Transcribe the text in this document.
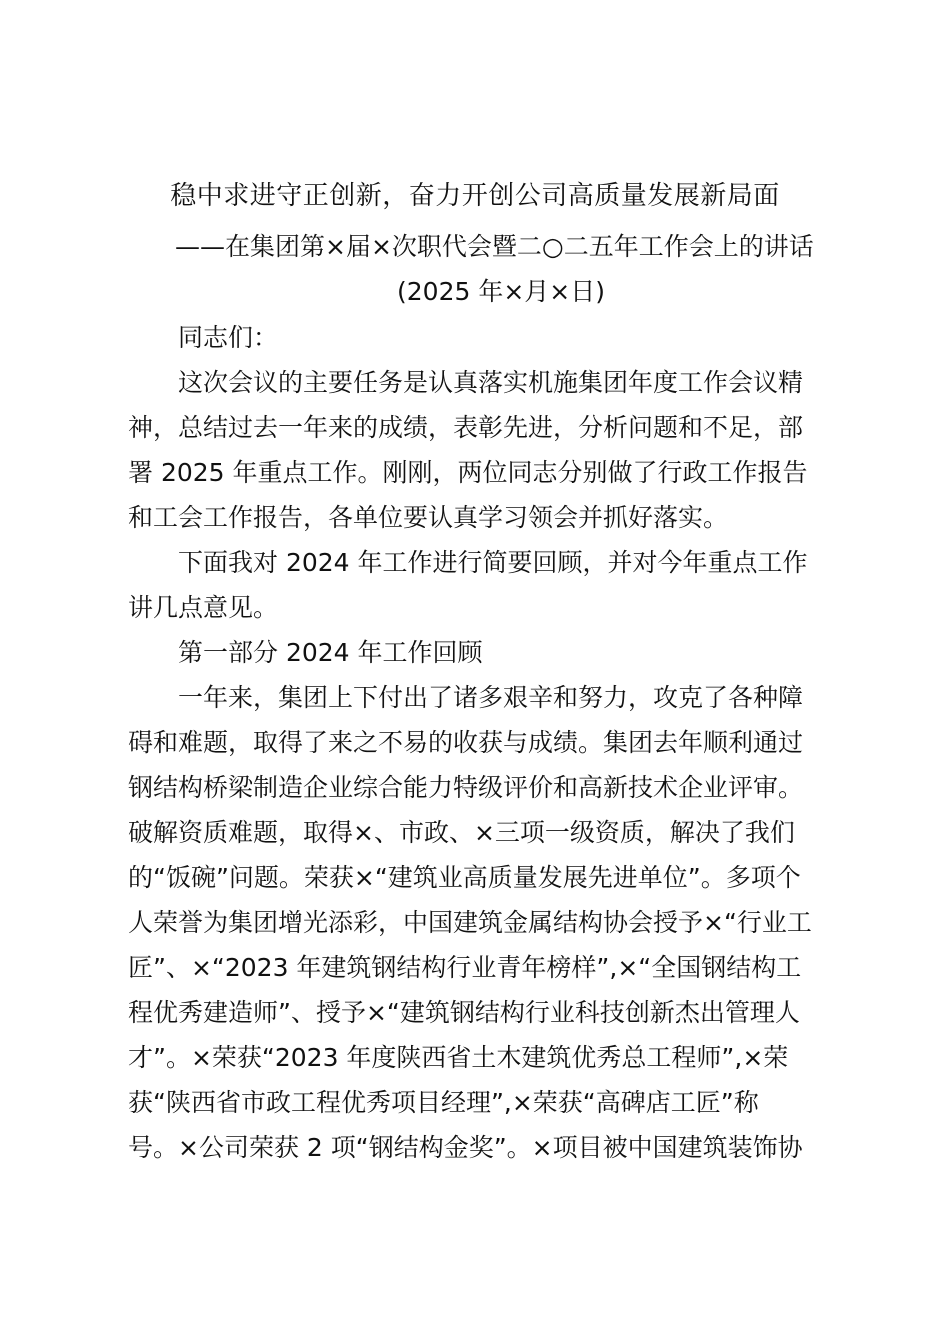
稳中求进守正创新，奋力开创公司高质量发展新局面
——在集团第×届×次职代会暨二○二五年工作会上的讲话
(2025 年×月×日)
同志们：
这次会议的主要任务是认真落实机施集团年度工作会议精
神，总结过去一年来的成绩，表彰先进，分析问题和不足，部
署 2025 年重点工作。刚刚，两位同志分别做了行政工作报告
和工会工作报告，各单位要认真学习领会并抓好落实。
下面我对 2024 年工作进行简要回顾，并对今年重点工作
讲几点意见。
第一部分 2024 年工作回顾
一年来，集团上下付出了诸多艰辛和努力，攻克了各种障
碍和难题，取得了来之不易的收获与成绩。集团去年顺利通过
钢结构桥梁制造企业综合能力特级评价和高新技术企业评审。
破解资质难题，取得×、市政、×三项一级资质，解决了我们
的“饭碗”问题。荣获×“建筑业高质量发展先进单位”。多项个
人荣誉为集团增光添彩，中国建筑金属结构协会授予×“行业工
匠”、×“2023 年建筑钢结构行业青年榜样”,×“全国钢结构工
程优秀建造师”、授予×“建筑钢结构行业科技创新杰出管理人
才”。×荣获“2023 年度陕西省土木建筑优秀总工程师”,×荣
获“陕西省市政工程优秀项目经理”,×荣获“高碑店工匠”称
号。×公司荣获 2 项“钢结构金奖”。×项目被中国建筑装饰协
